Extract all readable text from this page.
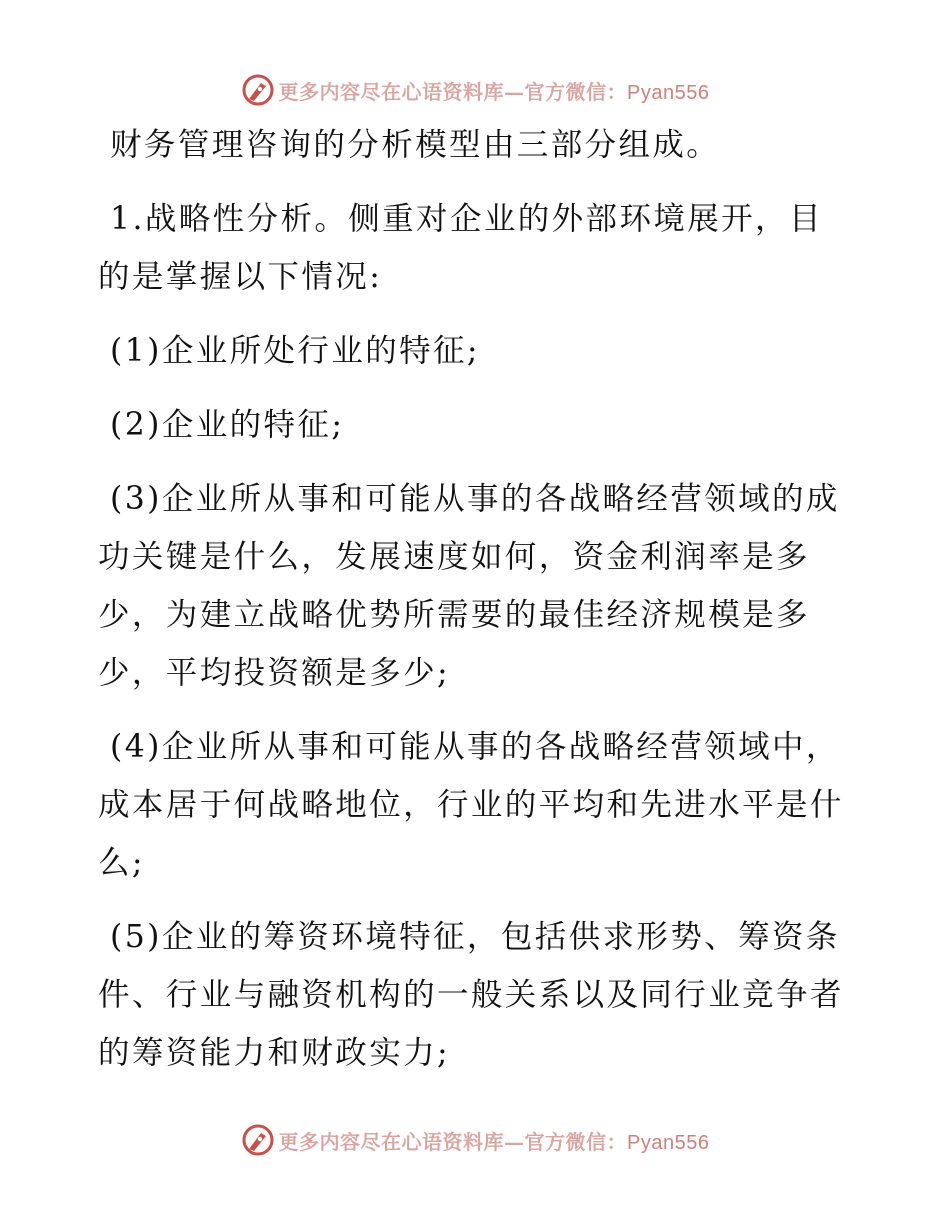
更多内容尽在心语资料库—官方微信：Pyan556

财务管理咨询的分析模型由三部分组成。

1.战略性分析。侧重对企业的外部环境展开，目

的是掌握以下情况:

(1)企业所处行业的特征;

(2)企业的特征;

(3)企业所从事和可能从事的各战略经营领域的成

功关键是什么，发展速度如何，资金利润率是多

少，为建立战略优势所需要的最佳经济规模是多

少，平均投资额是多少;

(4)企业所从事和可能从事的各战略经营领域中，

成本居于何战略地位，行业的平均和先进水平是什

么;

(5)企业的筹资环境特征，包括供求形势、筹资条

件、行业与融资机构的一般关系以及同行业竞争者

的筹资能力和财政实力;

更多内容尽在心语资料库—官方微信：Pyan556
